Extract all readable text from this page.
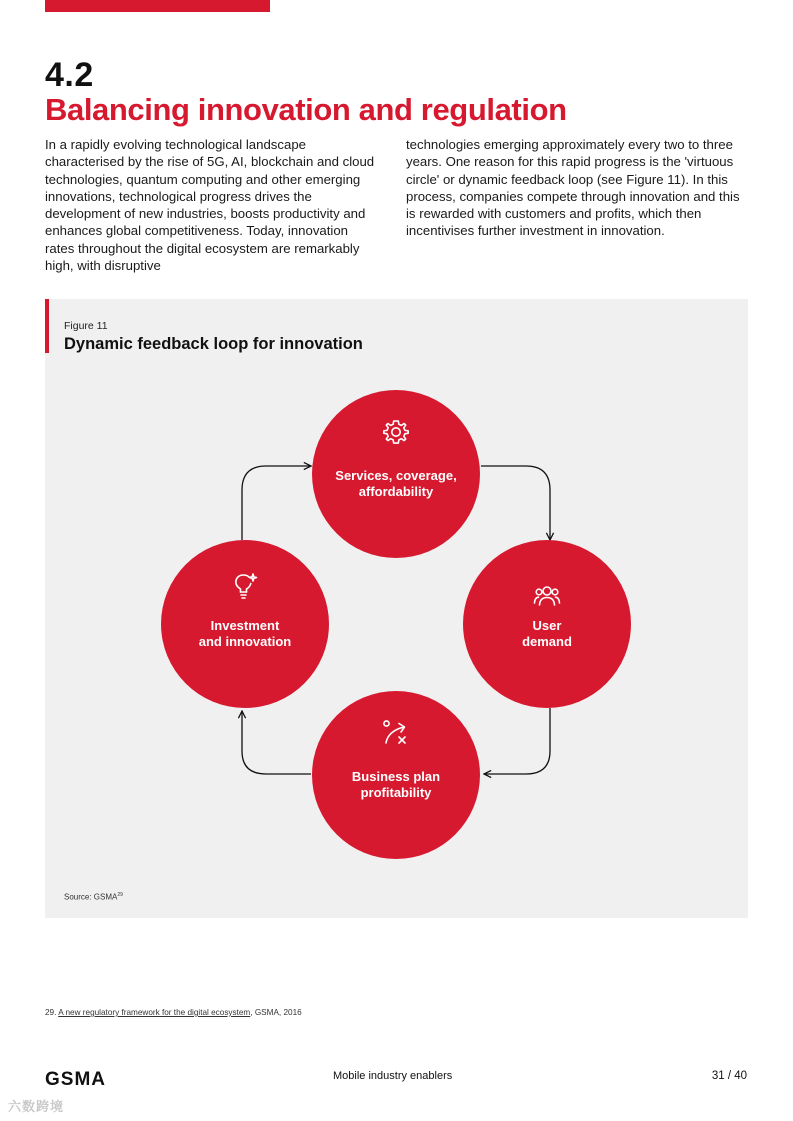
4.2
Balancing innovation and regulation

In a rapidly evolving technological landscape characterised by the rise of 5G, AI, blockchain and cloud technologies, quantum computing and other emerging innovations, technological progress drives the development of new industries, boosts productivity and enhances global competitiveness. Today, innovation rates throughout the digital ecosystem are remarkably high, with disruptive

technologies emerging approximately every two to three years. One reason for this rapid progress is the 'virtuous circle' or dynamic feedback loop (see Figure 11). In this process, companies compete through innovation and this is rewarded with customers and profits, which then incentivises further investment in innovation.

Figure 11
Dynamic feedback loop for innovation
Services, coverage,
affordability
User
demand
Business plan
profitability
Investment
and innovation
Source: GSMA$^{29}$
29. A new regulatory framework for the digital ecosystem, GSMA, 2016
GSMA	Mobile industry enablers	31 / 40
六数跨境
